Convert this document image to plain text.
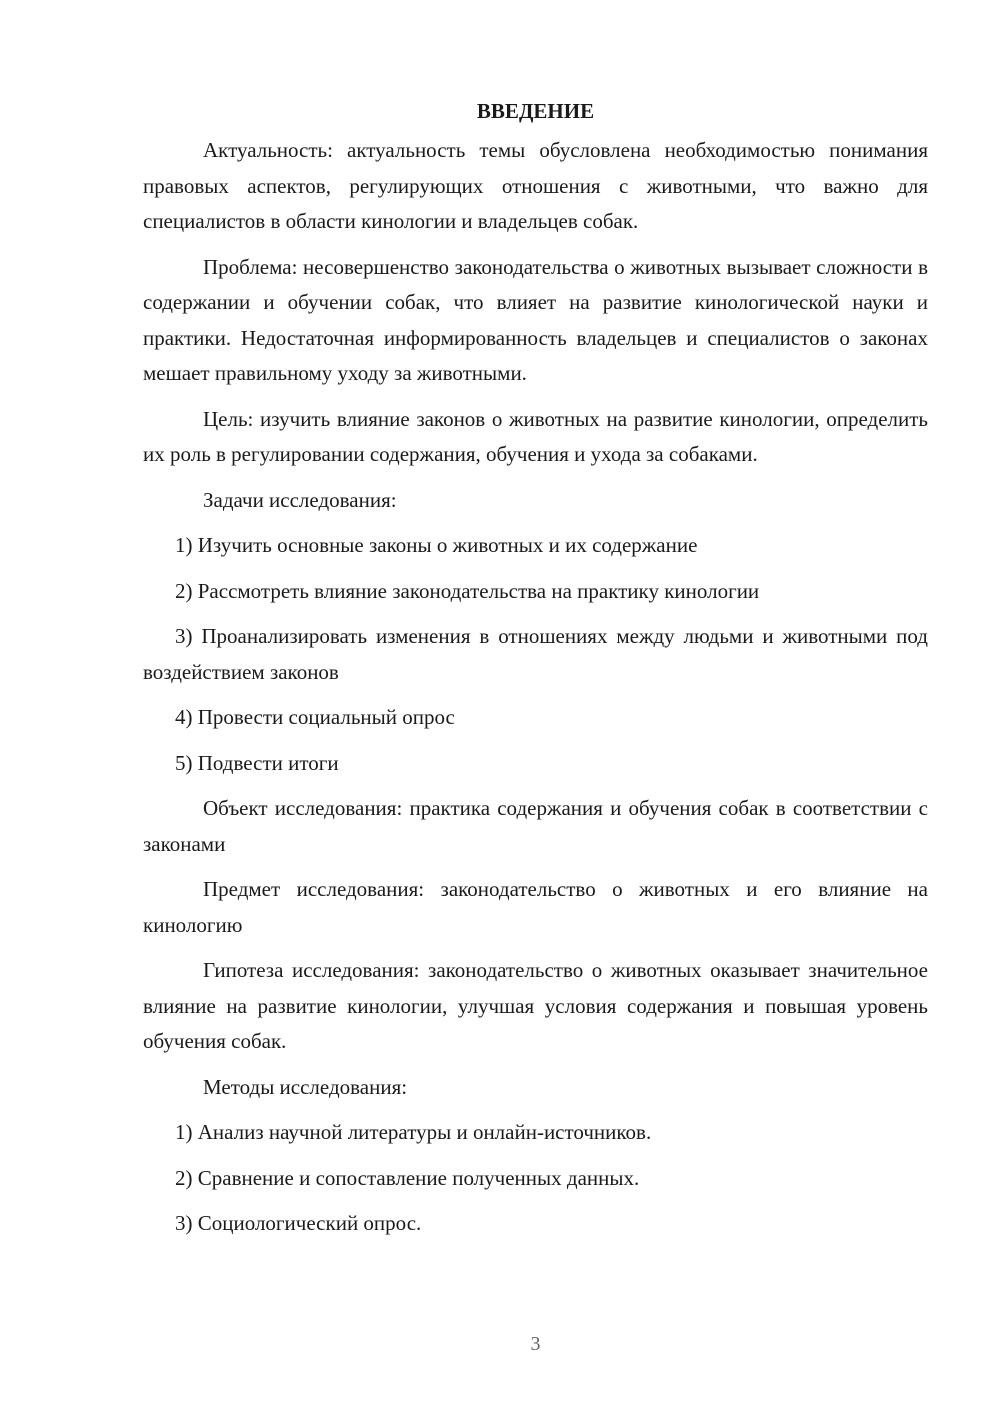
ВВЕДЕНИЕ

Актуальность: актуальность темы обусловлена необходимостью понимания правовых аспектов, регулирующих отношения с животными, что важно для специалистов в области кинологии и владельцев собак.

Проблема: несовершенство законодательства о животных вызывает сложности в содержании и обучении собак, что влияет на развитие кинологической науки и практики. Недостаточная информированность владельцев и специалистов о законах мешает правильному уходу за животными.

Цель: изучить влияние законов о животных на развитие кинологии, определить их роль в регулировании содержания, обучения и ухода за собаками.

Задачи исследования:

1) Изучить основные законы о животных и их содержание

2) Рассмотреть влияние законодательства на практику кинологии

3) Проанализировать изменения в отношениях между людьми и животными под воздействием законов

4) Провести социальный опрос

5) Подвести итоги

Объект исследования: практика содержания и обучения собак в соответствии с законами

Предмет исследования: законодательство о животных и его влияние на кинологию

Гипотеза исследования: законодательство о животных оказывает значительное влияние на развитие кинологии, улучшая условия содержания и повышая уровень обучения собак.

Методы исследования:

1) Анализ научной литературы и онлайн-источников.

2) Сравнение и сопоставление полученных данных.

3) Социологический опрос.

3
